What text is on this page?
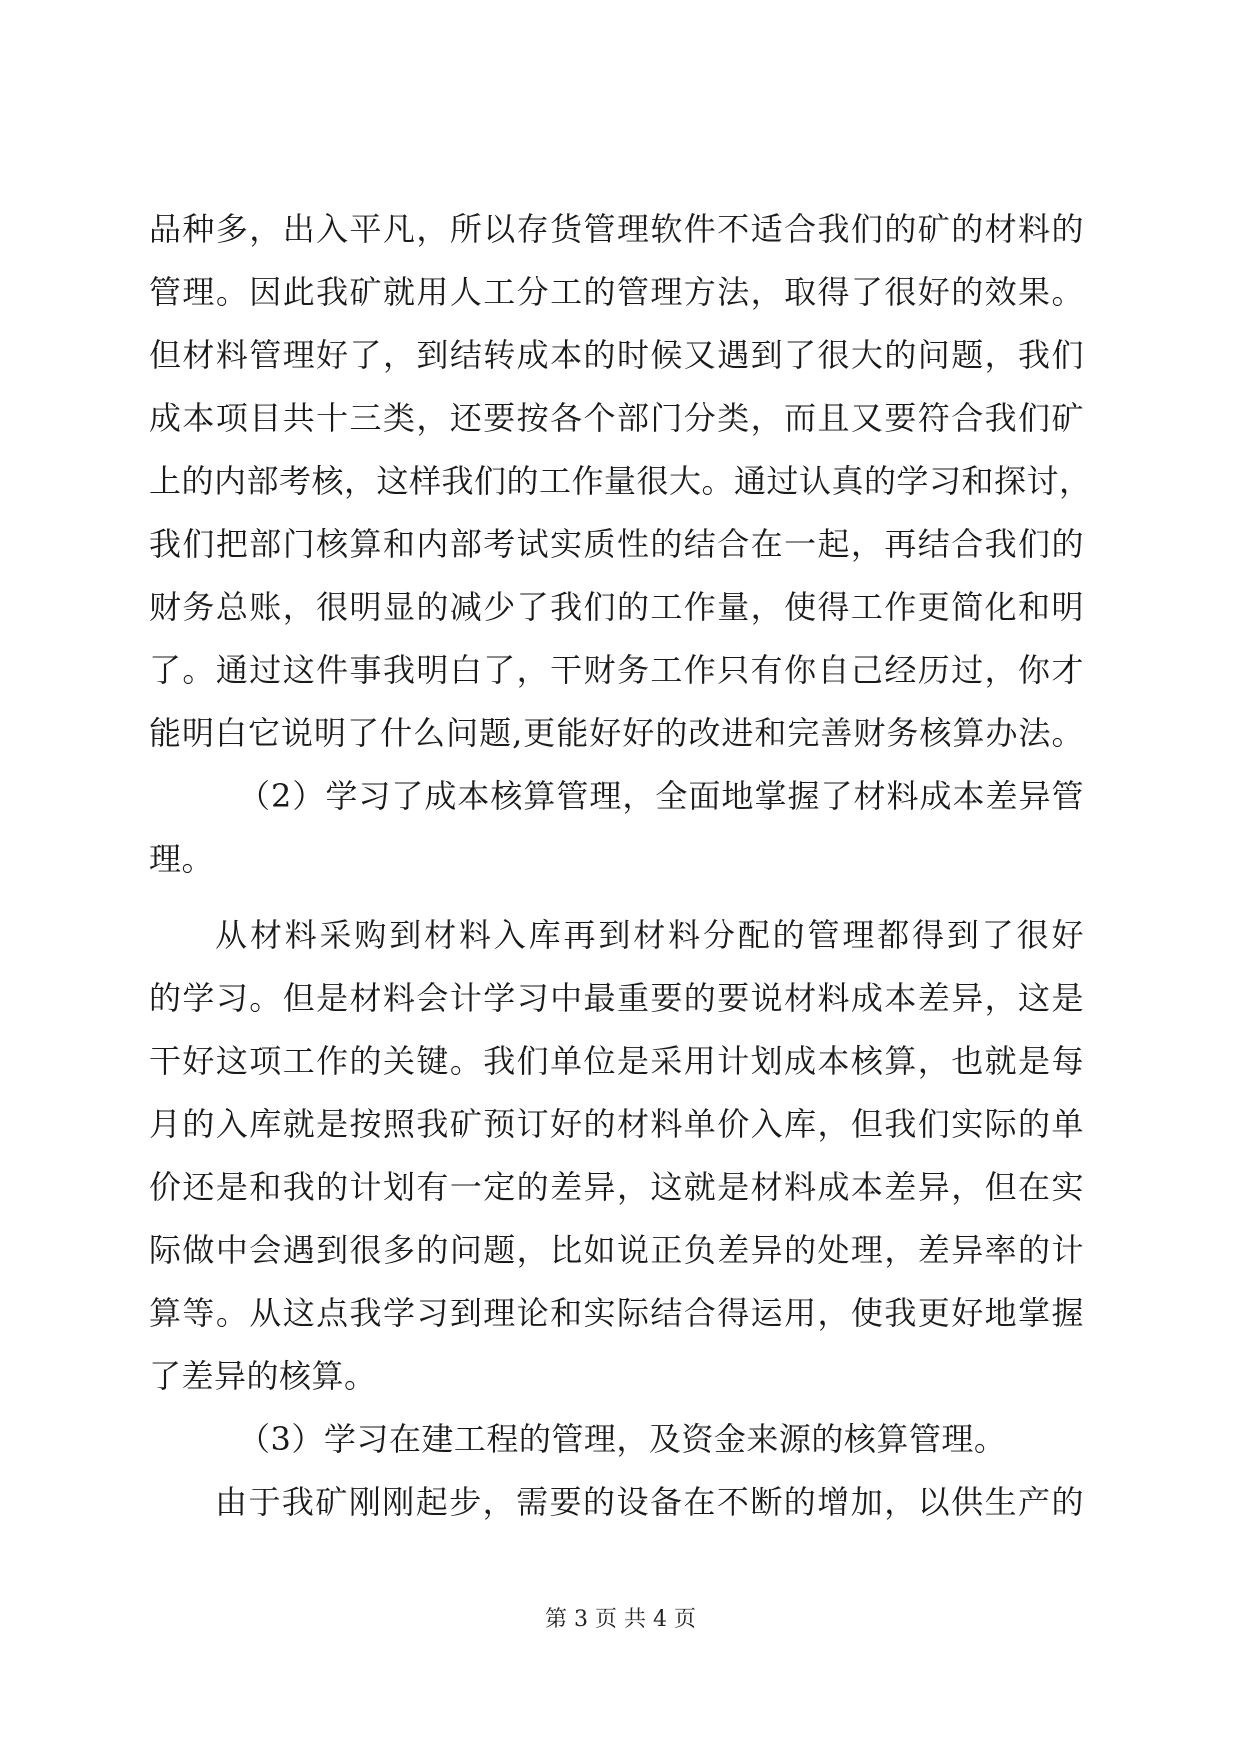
品种多，出入平凡，所以存货管理软件不适合我们的矿的材料的
管理。因此我矿就用人工分工的管理方法，取得了很好的效果。
但材料管理好了，到结转成本的时候又遇到了很大的问题，我们
成本项目共十三类，还要按各个部门分类，而且又要符合我们矿
上的内部考核，这样我们的工作量很大。通过认真的学习和探讨，
我们把部门核算和内部考试实质性的结合在一起，再结合我们的
财务总账，很明显的减少了我们的工作量，使得工作更简化和明
了。通过这件事我明白了，干财务工作只有你自己经历过，你才
能明白它说明了什么问题,更能好好的改进和完善财务核算办法。
（2）学习了成本核算管理，全面地掌握了材料成本差异管
理。
从材料采购到材料入库再到材料分配的管理都得到了很好
的学习。但是材料会计学习中最重要的要说材料成本差异，这是
干好这项工作的关键。我们单位是采用计划成本核算，也就是每
月的入库就是按照我矿预订好的材料单价入库，但我们实际的单
价还是和我的计划有一定的差异，这就是材料成本差异，但在实
际做中会遇到很多的问题，比如说正负差异的处理，差异率的计
算等。从这点我学习到理论和实际结合得运用，使我更好地掌握
了差异的核算。
（3）学习在建工程的管理，及资金来源的核算管理。
由于我矿刚刚起步，需要的设备在不断的增加，以供生产的
第 3 页 共 4 页
